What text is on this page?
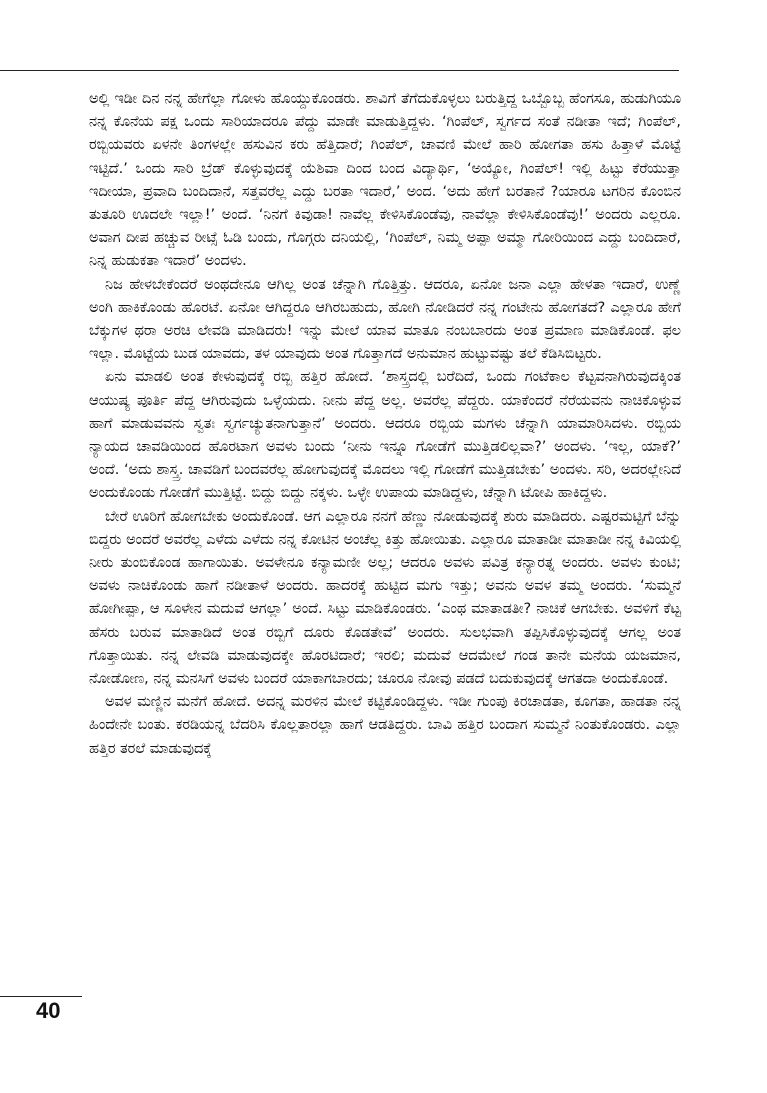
ಅಲ್ಲಿ ಇಡೀ ದಿನ ನನ್ನ ಹೇಗೆಲ್ಲಾ ಗೋಳು ಹೊಯ್ದುಕೊಂಡರು. ಶಾವಿಗೆ ತೆಗೆದುಕೊಳ್ಳಲು ಬರುತ್ತಿದ್ದ ಒಬ್ಬೊಬ್ಬ ಹೆಂಗಸೂ, ಹುಡುಗಿಯೂ ನನ್ನ ಕೊನೆಯ ಪಕ್ಷ ಒಂದು ಸಾರಿಯಾದರೂ ಪೆದ್ದು ಮಾಡೇ ಮಾಡುತ್ತಿದ್ದಳು. ‘ಗಿಂಪೆಲ್, ಸ್ವರ್ಗದ ಸಂತೆ ನಡೀತಾ ಇದೆ; ಗಿಂಪೆಲ್, ರಬ್ಬಿಯವರು ಏಳನೇ ತಿಂಗಳಲ್ಲೇ ಹಸುವಿನ ಕರು ಹೆತ್ತಿದಾರೆ; ಗಿಂಪೆಲ್, ಚಾವಣಿ ಮೇಲೆ ಹಾರಿ ಹೋಗತಾ ಹಸು ಹಿತ್ತಾಳೆ ಮೊಟ್ಟೆ ಇಟ್ಟಿದೆ.’ ಒಂದು ಸಾರಿ ಬ್ರೆಡ್ ಕೊಳ್ಳುವುದಕ್ಕೆ ಯೆಶಿವಾ ದಿಂದ ಬಂದ ವಿದ್ಯಾರ್ಥಿ, ‘ಅಯ್ಯೋ, ಗಿಂಪೆಲ್! ಇಲ್ಲಿ ಹಿಟ್ಟು ಕೆರೆಯುತ್ತಾ ಇದೀಯಾ, ಪ್ರವಾದಿ ಬಂದಿದಾನೆ, ಸತ್ತವರೆಲ್ಲ ಎದ್ದು ಬರತಾ ಇದಾರೆ,’ ಅಂದ. ‘ಅದು ಹೇಗೆ ಬರತಾನೆ ?ಯಾರೂ ಟಗರಿನ ಕೊಂಬಿನ ತುತೂರಿ ಊದಲೇ ಇಲ್ಲಾ!’ ಅಂದೆ. ‘ನಿನಗೆ ಕಿವುಡಾ! ನಾವೆಲ್ಲ ಕೇಳಿಸಿಕೊಂಡೆವು, ನಾವೆಲ್ಲಾ ಕೇಳಿಸಿಕೊಂಡೆವು!’ ಅಂದರು ಎಲ್ಲರೂ. ಅವಾಗ ದೀಪ ಹಚ್ಚುವ ರೀಟ್ಸೆ ಓಡಿ ಬಂದು, ಗೊಗ್ಗರು ದನಿಯಲ್ಲಿ, ‘ಗಿಂಪೆಲ್, ನಿಮ್ಮ ಅಪ್ಪಾ ಅಮ್ಮಾ ಗೋರಿಯಿಂದ ಎದ್ದು ಬಂದಿದಾರೆ, ನಿನ್ನ ಹುಡುಕತಾ ಇದಾರೆ’ ಅಂದಳು.

ನಿಜ ಹೇಳಬೇಕೆಂದರೆ ಅಂಥದೇನೂ ಆಗಿಲ್ಲ ಅಂತ ಚೆನ್ನಾಗಿ ಗೊತ್ತಿತ್ತು. ಆದರೂ, ಏನೋ ಜನಾ ಎಲ್ಲಾ ಹೇಳತಾ ಇದಾರೆ, ಉಣ್ಣೆ ಅಂಗಿ ಹಾಕಿಕೊಂಡು ಹೊರಟೆ. ಏನೋ ಆಗಿದ್ದರೂ ಆಗಿರಬಹುದು, ಹೋಗಿ ನೋಡಿದರೆ ನನ್ನ ಗಂಟೇನು ಹೋಗತದೆ? ಎಲ್ಲಾರೂ ಹೇಗೆ ಬೆಕ್ಕುಗಳ ಥರಾ ಅರಚಿ ಲೇವಡಿ ಮಾಡಿದರು! ಇನ್ನು ಮೇಲೆ ಯಾವ ಮಾತೂ ನಂಬಬಾರದು ಅಂತ ಪ್ರಮಾಣ ಮಾಡಿಕೊಂಡೆ. ಫಲ ಇಲ್ಲಾ. ಮೊಟ್ಟೆಯ ಬುಡ ಯಾವದು, ತಳ ಯಾವುದು ಅಂತ ಗೊತ್ತಾಗದೆ ಅನುಮಾನ ಹುಟ್ಟುವಷ್ಟು ತಲೆ ಕೆಡಿಸಿಬಿಟ್ಟರು.

ಏನು ಮಾಡಲಿ ಅಂತ ಕೇಳುವುದಕ್ಕೆ ರಬ್ಬಿ ಹತ್ತಿರ ಹೋದೆ. ‘ಶಾಸ್ತ್ರದಲ್ಲಿ ಬರೆದಿದೆ, ಒಂದು ಗಂಟೆಕಾಲ ಕೆಟ್ಟವನಾಗಿರುವುದಕ್ಕಿಂತ ಆಯುಷ್ಯ ಪೂರ್ತಿ ಪೆದ್ದ ಆಗಿರುವುದು ಒಳ್ಳೆಯದು. ನೀನು ಪೆದ್ದ ಅಲ್ಲ. ಅವರೆಲ್ಲ ಪೆದ್ದರು. ಯಾಕೆಂದರೆ ನೆರೆಯವನು ನಾಚಿಕೊಳ್ಳುವ ಹಾಗೆ ಮಾಡುವವನು ಸ್ವತಃ ಸ್ವರ್ಗಚ್ಯುತನಾಗುತ್ತಾನೆ’ ಅಂದರು. ಆದರೂ ರಬ್ಬಿಯ ಮಗಳು ಚೆನ್ನಾಗಿ ಯಾಮಾರಿಸಿದಳು. ರಬ್ಬಿಯ ನ್ಯಾಯದ ಚಾವಡಿಯಿಂದ ಹೊರಟಾಗ ಅವಳು ಬಂದು ‘ನೀನು ಇನ್ನೂ ಗೋಡೆಗೆ ಮುತ್ತಿಡಲಿಲ್ಲವಾ?’ ಅಂದಳು. ‘ಇಲ್ಲ, ಯಾಕೆ?’ ಅಂದೆ. ‘ಅದು ಶಾಸ್ತ್ರ. ಚಾವಡಿಗೆ ಬಂದವರೆಲ್ಲ ಹೋಗುವುದಕ್ಕೆ ಮೊದಲು ಇಲ್ಲಿ ಗೋಡೆಗೆ ಮುತ್ತಿಡಬೇಕು’ ಅಂದಳು. ಸರಿ, ಅದರಲ್ಲೇನಿದೆ ಅಂದುಕೊಂಡು ಗೋಡೆಗೆ ಮುತ್ತಿಟ್ಟೆ. ಬಿದ್ದು ಬಿದ್ದು ನಕ್ಕಳು. ಒಳ್ಳೇ ಉಪಾಯ ಮಾಡಿದ್ದಳು, ಚೆನ್ನಾಗಿ ಟೋಪಿ ಹಾಕಿದ್ದಳು.

ಬೇರೆ ಊರಿಗೆ ಹೋಗಬೇಕು ಅಂದುಕೊಂಡೆ. ಆಗ ಎಲ್ಲಾರೂ ನನಗೆ ಹೆಣ್ಣು ನೋಡುವುದಕ್ಕೆ ಶುರು ಮಾಡಿದರು. ಎಷ್ಟರಮಟ್ಟಿಗೆ ಬೆನ್ನು ಬಿದ್ದರು ಅಂದರೆ ಅವರೆಲ್ಲ ಎಳೆದು ಎಳೆದು ನನ್ನ ಕೋಟಿನ ಅಂಚೆಲ್ಲ ಕಿತ್ತು ಹೋಯಿತು. ಎಲ್ಲಾರೂ ಮಾತಾಡೀ ಮಾತಾಡೀ ನನ್ನ ಕಿವಿಯಲ್ಲಿ ನೀರು ತುಂಬಿಕೊಂಡ ಹಾಗಾಯಿತು. ಅವಳೇನೂ ಕನ್ಯಾಮಣೀ ಅಲ್ಲ; ಆದರೂ ಅವಳು ಪವಿತ್ರ ಕನ್ಯಾರತ್ನ ಅಂದರು. ಅವಳು ಕುಂಟಿ; ಅವಳು ನಾಚಿಕೊಂಡು ಹಾಗೆ ನಡೀತಾಳೆ ಅಂದರು. ಹಾದರಕ್ಕೆ ಹುಟ್ಟಿದ ಮಗು ಇತ್ತು; ಅವನು ಅವಳ ತಮ್ಮ ಅಂದರು. ‘ಸುಮ್ಮನೆ ಹೋಗೀಪ್ಪಾ, ಆ ಸೂಳೇನ ಮದುವೆ ಆಗಲ್ಲಾ’ ಅಂದೆ. ಸಿಟ್ಟು ಮಾಡಿಕೊಂಡರು. ‘ಎಂಥ ಮಾತಾಡತೀ? ನಾಚಿಕೆ ಆಗಬೇಕು. ಅವಳಿಗೆ ಕೆಟ್ಟ ಹೆಸರು ಬರುವ ಮಾತಾಡಿದೆ ಅಂತ ರಬ್ಬಿಗೆ ದೂರು ಕೊಡತೇವೆ’ ಅಂದರು. ಸುಲಭವಾಗಿ ತಪ್ಪಿಸಿಕೊಳ್ಳುವುದಕ್ಕೆ ಆಗಲ್ಲ ಅಂತ ಗೊತ್ತಾಯಿತು. ನನ್ನ ಲೇವಡಿ ಮಾಡುವುದಕ್ಕೇ ಹೊರಟಿದಾರೆ; ಇರಲಿ; ಮದುವೆ ಆದಮೇಲೆ ಗಂಡ ತಾನೇ ಮನೆಯ ಯಜಮಾನ, ನೋಡೋಣ, ನನ್ನ ಮನಸಿಗೆ ಅವಳು ಬಂದರೆ ಯಾಕಾಗಬಾರದು; ಚೂರೂ ನೋವು ಪಡದೆ ಬದುಕುವುದಕ್ಕೆ ಆಗತದಾ ಅಂದುಕೊಂಡೆ.

ಅವಳ ಮಣ್ಣಿನ ಮನೆಗೆ ಹೋದೆ. ಅದನ್ನ ಮರಳಿನ ಮೇಲೆ ಕಟ್ಟಿಕೊಂಡಿದ್ದಳು. ಇಡೀ ಗುಂಪು ಕಿರಚಾಡತಾ, ಕೂಗತಾ, ಹಾಡತಾ ನನ್ನ ಹಿಂದೇನೇ ಬಂತು. ಕರಡಿಯನ್ನ ಬೆದರಿಸಿ ಕೊಲ್ಲತಾರಲ್ಲಾ ಹಾಗೆ ಆಡತಿದ್ದರು. ಬಾವಿ ಹತ್ತಿರ ಬಂದಾಗ ಸುಮ್ಮನೆ ನಿಂತುಕೊಂಡರು. ಎಲ್ಲಾ ಹತ್ತಿರ ತರಲೆ ಮಾಡುವುದಕ್ಕೆ

40
